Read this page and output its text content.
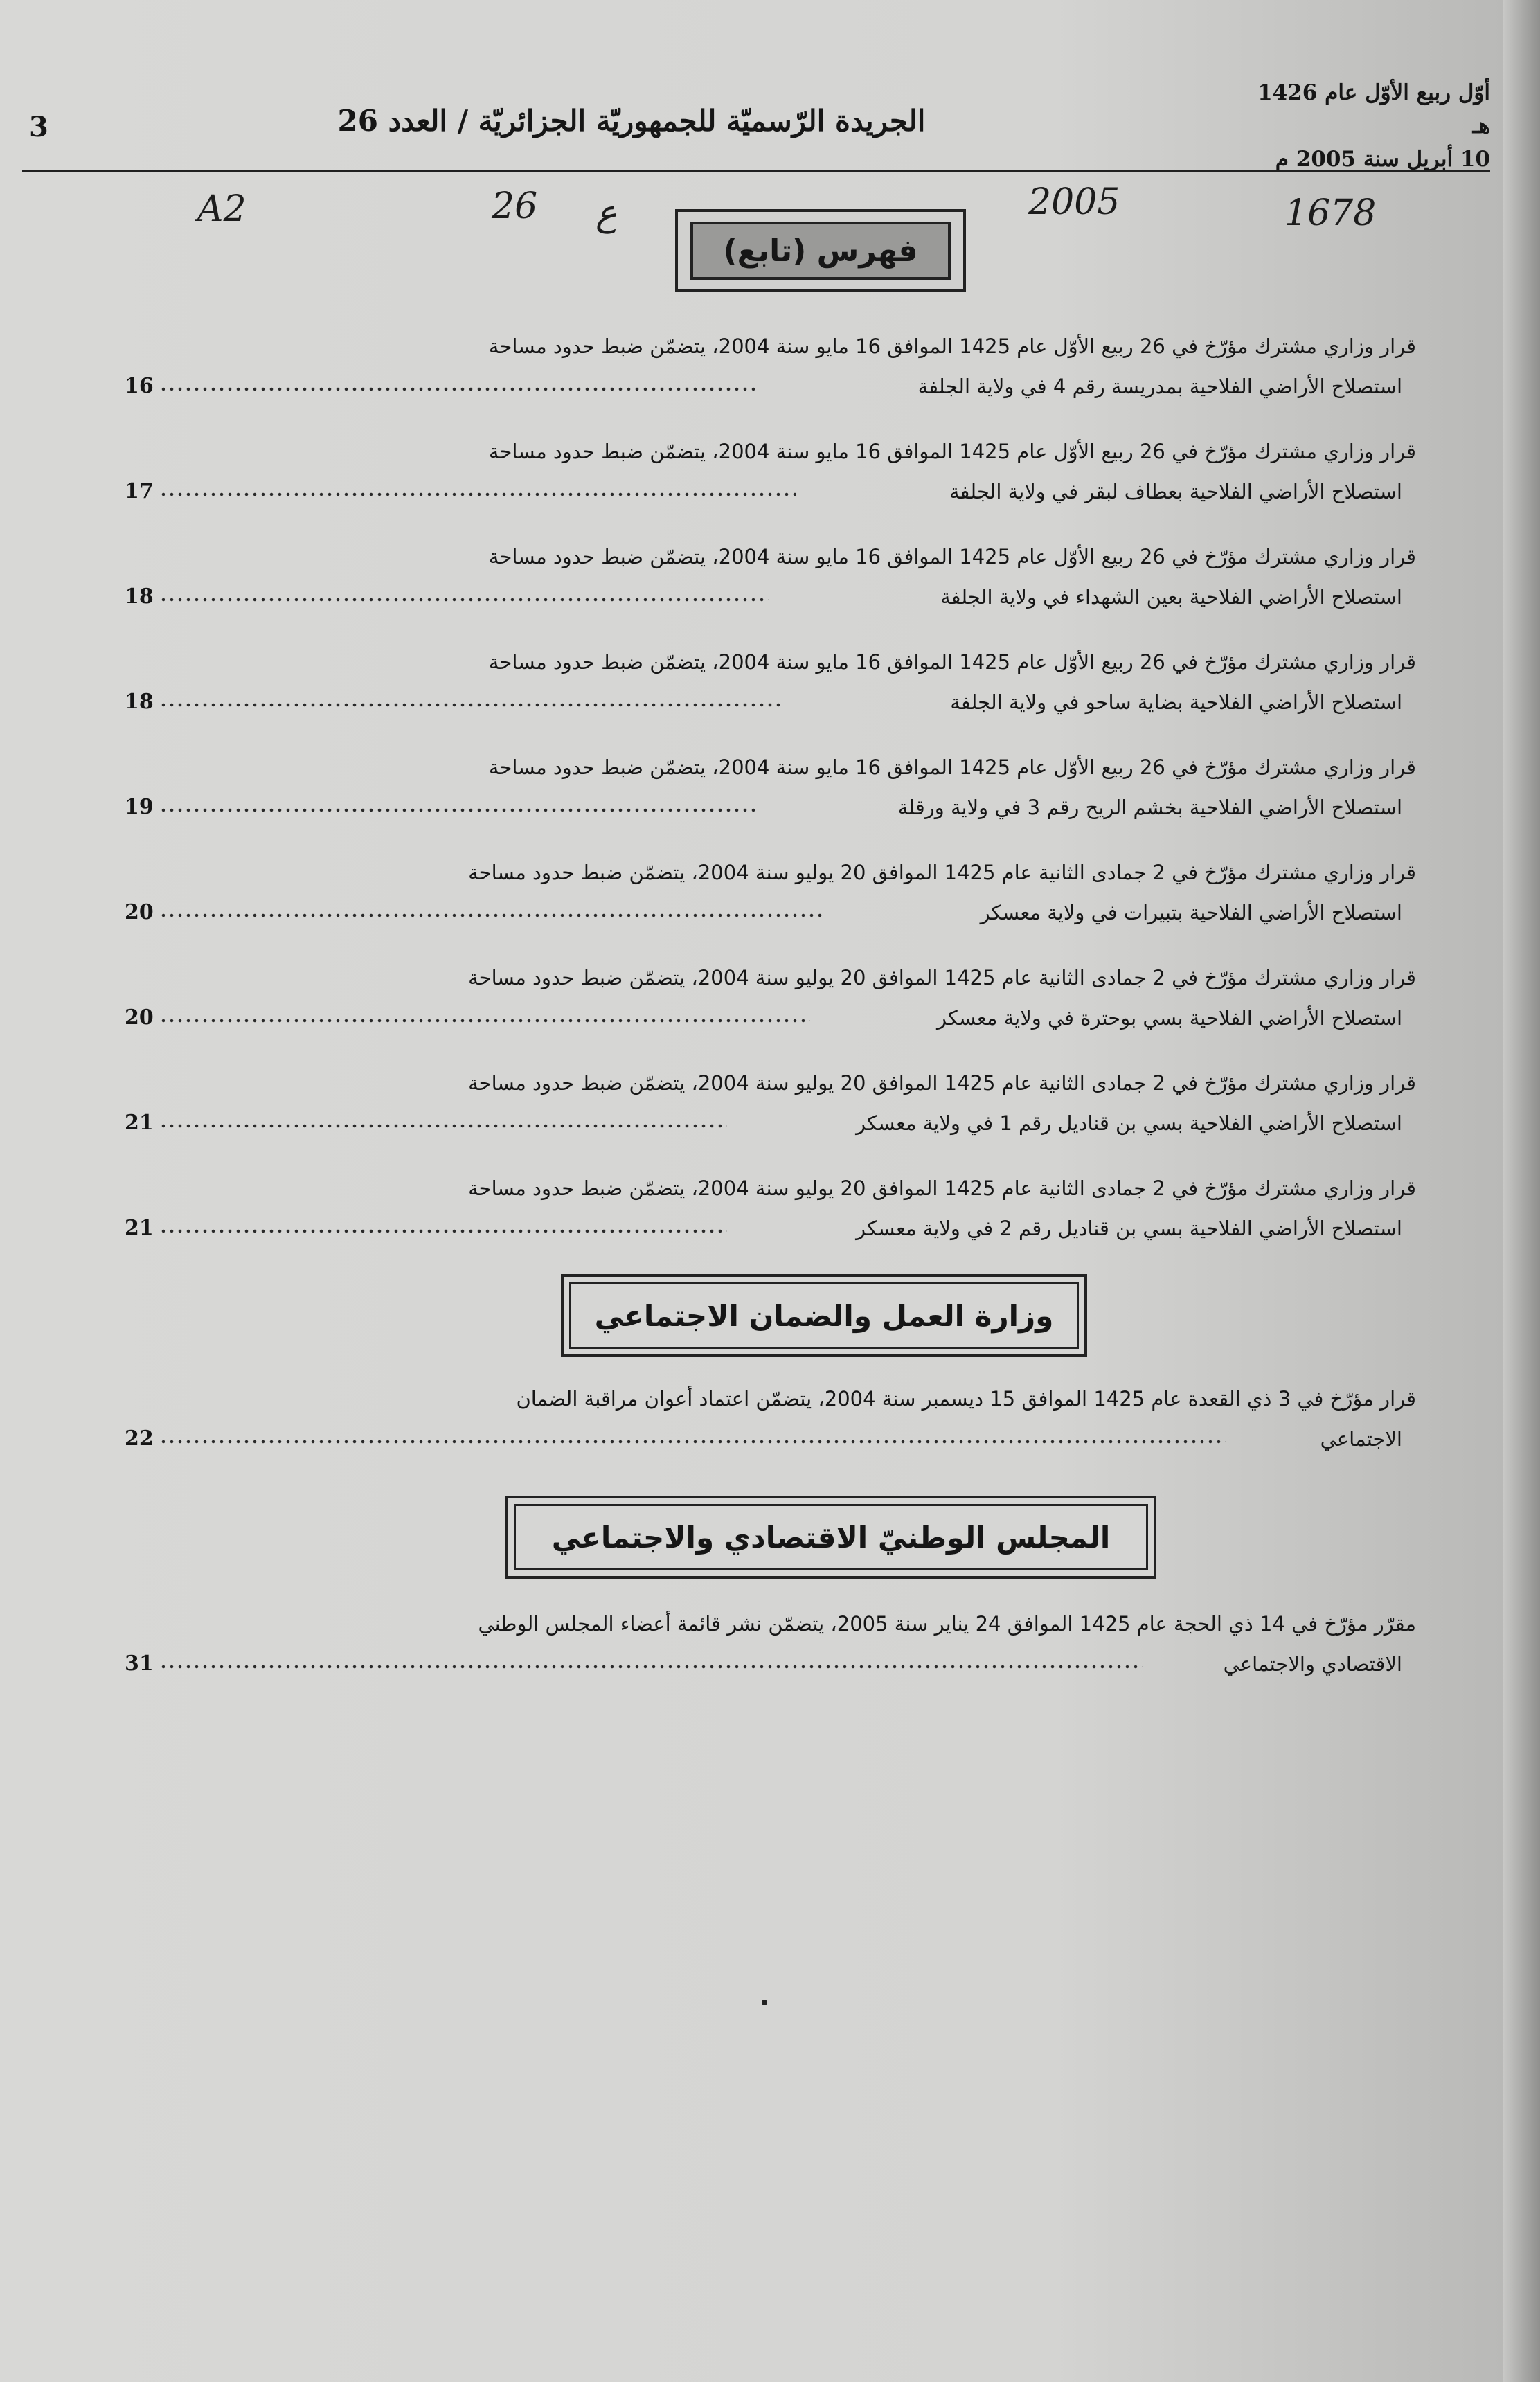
أوّل ربيع الأوّل عام 1426 هـ
10 أبريل سنة 2005 م
الجريدة الرّسميّة للجمهوريّة الجزائريّة / العدد 26
3
A2	26 ع	2005	1678
فهرس (تابع)
قرار وزاري مشترك مؤرّخ في 26 ربيع الأوّل عام 1425 الموافق 16 مايو سنة 2004، يتضمّن ضبط حدود مساحة
استصلاح الأراضي الفلاحية بمدريسة رقم 4 في ولاية الجلفة
16
قرار وزاري مشترك مؤرّخ في 26 ربيع الأوّل عام 1425 الموافق 16 مايو سنة 2004، يتضمّن ضبط حدود مساحة
استصلاح الأراضي الفلاحية بعطاف لبقر في ولاية الجلفة
17
قرار وزاري مشترك مؤرّخ في 26 ربيع الأوّل عام 1425 الموافق 16 مايو سنة 2004، يتضمّن ضبط حدود مساحة
استصلاح الأراضي الفلاحية بعين الشهداء في ولاية الجلفة
18
قرار وزاري مشترك مؤرّخ في 26 ربيع الأوّل عام 1425 الموافق 16 مايو سنة 2004، يتضمّن ضبط حدود مساحة
استصلاح الأراضي الفلاحية بضاية ساحو في ولاية الجلفة
18
قرار وزاري مشترك مؤرّخ في 26 ربيع الأوّل عام 1425 الموافق 16 مايو سنة 2004، يتضمّن ضبط حدود مساحة
استصلاح الأراضي الفلاحية بخشم الريح رقم 3 في ولاية ورقلة
19
قرار وزاري مشترك مؤرّخ في 2 جمادى الثانية عام 1425 الموافق 20 يوليو سنة 2004، يتضمّن ضبط حدود مساحة
استصلاح الأراضي الفلاحية بتبيرات في ولاية معسكر
20
قرار وزاري مشترك مؤرّخ في 2 جمادى الثانية عام 1425 الموافق 20 يوليو سنة 2004، يتضمّن ضبط حدود مساحة
استصلاح الأراضي الفلاحية بسي بوحترة في ولاية معسكر
20
قرار وزاري مشترك مؤرّخ في 2 جمادى الثانية عام 1425 الموافق 20 يوليو سنة 2004، يتضمّن ضبط حدود مساحة
استصلاح الأراضي الفلاحية بسي بن قناديل رقم 1 في ولاية معسكر
21
قرار وزاري مشترك مؤرّخ في 2 جمادى الثانية عام 1425 الموافق 20 يوليو سنة 2004، يتضمّن ضبط حدود مساحة
استصلاح الأراضي الفلاحية بسي بن قناديل رقم 2 في ولاية معسكر
21
وزارة العمل والضمان الاجتماعي
قرار مؤرّخ في 3 ذي القعدة عام 1425 الموافق 15 ديسمبر سنة 2004، يتضمّن اعتماد أعوان مراقبة الضمان
الاجتماعي
22
المجلس الوطنيّ الاقتصادي والاجتماعي
مقرّر مؤرّخ في 14 ذي الحجة عام 1425 الموافق 24 يناير سنة 2005، يتضمّن نشر قائمة أعضاء المجلس الوطني
الاقتصادي والاجتماعي
31
